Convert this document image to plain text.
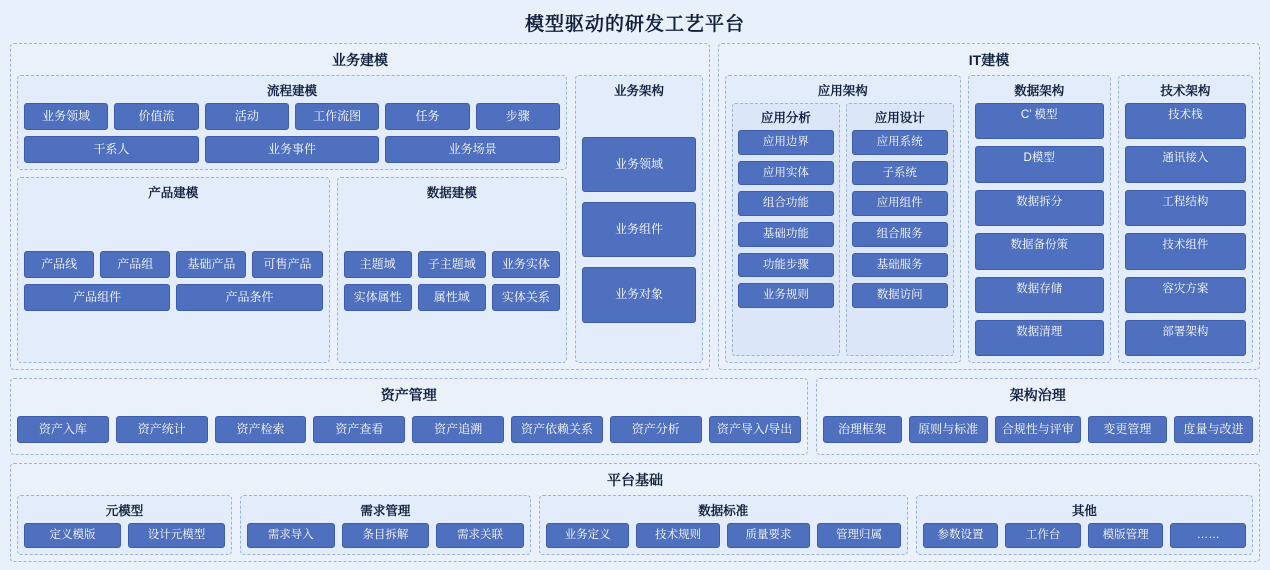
模型驱动的研发工艺平台
业务建模
流程建模
业务领域	价值流	活动	工作流图	任务	步骤
干系人	业务事件	业务场景
产品建模
产品线	产品组	基础产品	可售产品
产品组件	产品条件
数据建模
主题域	子主题域	业务实体
实体属性	属性域	实体关系
业务架构
业务领域
业务组件
业务对象
IT建模
应用架构
应用分析
应用边界
应用实体
组合功能
基础功能
功能步骤
业务规则
应用设计
应用系统
子系统
应用组件
组合服务
基础服务
数据访问
数据架构
C’ 模型
D模型
数据拆分
数据备份策
数据存储
数据清理
技术架构
技术栈
通讯接入
工程结构
技术组件
容灾方案
部署架构
资产管理
资产入库	资产统计	资产检索	资产查看	资产追溯	资产依赖关系	资产分析	资产导入/导出
架构治理
治理框架	原则与标准	合规性与评审	变更管理	度量与改进
平台基础
元模型
定义模版	设计元模型
需求管理
需求导入	条目拆解	需求关联
数据标准
业务定义	技术规则	质量要求	管理归属
其他
参数设置	工作台	模版管理	……
